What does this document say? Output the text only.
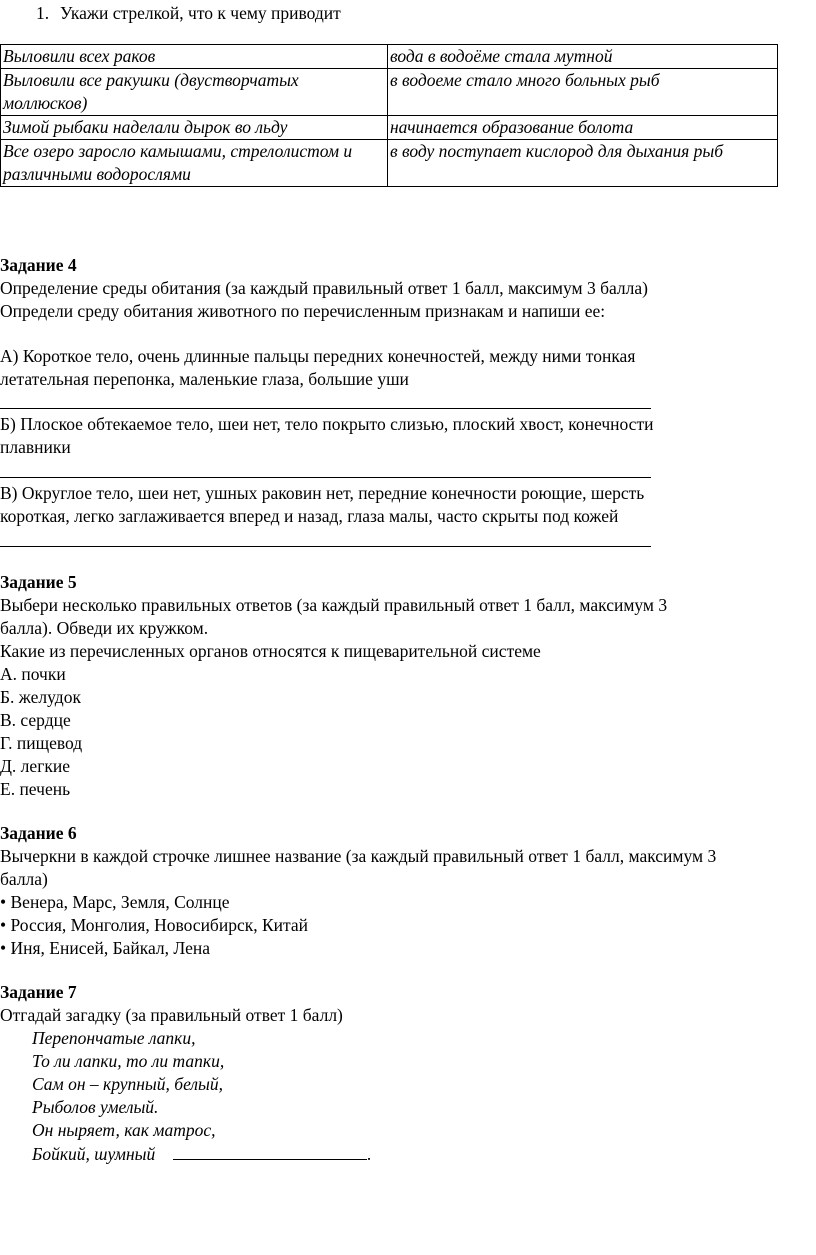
1. Укажи стрелкой, что к чему приводит
Выловили всех раков	вода в водоёме стала мутной
Выловили все ракушки (двустворчатых моллюсков)	в водоеме стало много больных рыб
Зимой рыбаки наделали дырок во льду	начинается образование болота
Все озеро заросло камышами, стрелолистом и различными водорослями	в воду поступает кислород для дыхания рыб
Задание 4
Определение среды обитания (за каждый правильный ответ 1 балл, максимум 3 балла)
Определи среду обитания животного по перечисленным признакам и напиши ее:
А) Короткое тело, очень длинные пальцы передних конечностей, между ними тонкая
летательная перепонка, маленькие глаза, большие уши
Б) Плоское обтекаемое тело, шеи нет, тело покрыто слизью, плоский хвост, конечности
плавники
В) Округлое тело, шеи нет, ушных раковин нет, передние конечности роющие, шерсть
короткая, легко заглаживается вперед и назад, глаза малы, часто скрыты под кожей
Задание 5
Выбери несколько правильных ответов (за каждый правильный ответ 1 балл, максимум 3
балла). Обведи их кружком.
Какие из перечисленных органов относятся к пищеварительной системе
А. почки
Б. желудок
В. сердце
Г. пищевод
Д. легкие
Е. печень
Задание 6
Вычеркни в каждой строчке лишнее название (за каждый правильный ответ 1 балл, максимум 3
балла)
• Венера, Марс, Земля, Солнце
• Россия, Монголия, Новосибирск, Китай
• Иня, Енисей, Байкал, Лена
Задание 7
Отгадай загадку (за правильный ответ 1 балл)
Перепончатые лапки,
То ли лапки, то ли тапки,
Сам он – крупный, белый,
Рыболов умелый.
Он ныряет, как матрос,
Бойкий, шумный	.
